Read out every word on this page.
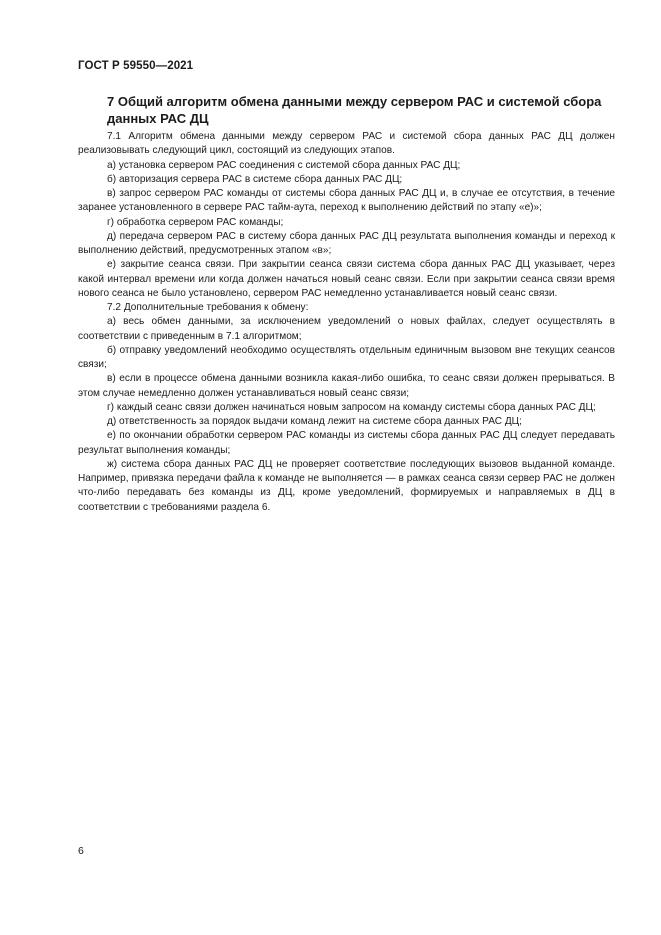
ГОСТ Р 59550—2021
7 Общий алгоритм обмена данными между сервером РАС и системой сбора данных РАС ДЦ

7.1 Алгоритм обмена данными между сервером РАС и системой сбора данных РАС ДЦ должен реализовывать следующий цикл, состоящий из следующих этапов.

а) установка сервером РАС соединения с системой сбора данных РАС ДЦ;

б) авторизация сервера РАС в системе сбора данных РАС ДЦ;

в) запрос сервером РАС команды от системы сбора данных РАС ДЦ и, в случае ее отсутствия, в течение заранее установленного в сервере РАС тайм-аута, переход к выполнению действий по этапу «е)»;

г) обработка сервером РАС команды;

д) передача сервером РАС в систему сбора данных РАС ДЦ результата выполнения команды и переход к выполнению действий, предусмотренных этапом «в»;

е) закрытие сеанса связи. При закрытии сеанса связи система сбора данных РАС ДЦ указывает, через какой интервал времени или когда должен начаться новый сеанс связи. Если при закрытии сеанса связи время нового сеанса не было установлено, сервером РАС немедленно устанавливается новый сеанс связи.

7.2 Дополнительные требования к обмену:

а) весь обмен данными, за исключением уведомлений о новых файлах, следует осуществлять в соответствии с приведенным в 7.1 алгоритмом;

б) отправку уведомлений необходимо осуществлять отдельным единичным вызовом вне текущих сеансов связи;

в) если в процессе обмена данными возникла какая-либо ошибка, то сеанс связи должен прерываться. В этом случае немедленно должен устанавливаться новый сеанс связи;

г) каждый сеанс связи должен начинаться новым запросом на команду системы сбора данных РАС ДЦ;

д) ответственность за порядок выдачи команд лежит на системе сбора данных РАС ДЦ;

е) по окончании обработки сервером РАС команды из системы сбора данных РАС ДЦ следует передавать результат выполнения команды;

ж) система сбора данных РАС ДЦ не проверяет соответствие последующих вызовов выданной команде. Например, привязка передачи файла к команде не выполняется — в рамках сеанса связи сервер РАС не должен что-либо передавать без команды из ДЦ, кроме уведомлений, формируемых и направляемых в ДЦ в соответствии с требованиями раздела 6.

6
